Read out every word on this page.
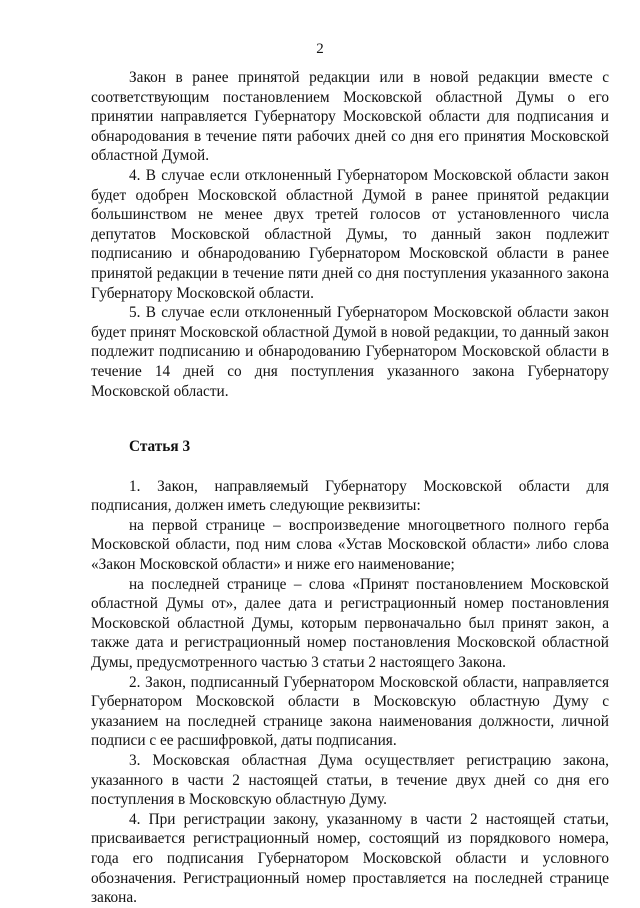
2

Закон в ранее принятой редакции или в новой редакции вместе с соответствующим постановлением Московской областной Думы о его принятии направляется Губернатору Московской области для подписания и обнародования в течение пяти рабочих дней со дня его принятия Московской областной Думой.

4. В случае если отклоненный Губернатором Московской области закон будет одобрен Московской областной Думой в ранее принятой редакции большинством не менее двух третей голосов от установленного числа депутатов Московской областной Думы, то данный закон подлежит подписанию и обнародованию Губернатором Московской области в ранее принятой редакции в течение пяти дней со дня поступления указанного закона Губернатору Московской области.

5. В случае если отклоненный Губернатором Московской области закон будет принят Московской областной Думой в новой редакции, то данный закон подлежит подписанию и обнародованию Губернатором Московской области в течение 14 дней со дня поступления указанного закона Губернатору Московской области.

Статья 3

1. Закон, направляемый Губернатору Московской области для подписания, должен иметь следующие реквизиты:

на первой странице – воспроизведение многоцветного полного герба Московской области, под ним слова «Устав Московской области» либо слова «Закон Московской области» и ниже его наименование;

на последней странице – слова «Принят постановлением Московской областной Думы от», далее дата и регистрационный номер постановления Московской областной Думы, которым первоначально был принят закон, а также дата и регистрационный номер постановления Московской областной Думы, предусмотренного частью 3 статьи 2 настоящего Закона.

2. Закон, подписанный Губернатором Московской области, направляется Губернатором Московской области в Московскую областную Думу с указанием на последней странице закона наименования должности, личной подписи с ее расшифровкой, даты подписания.

3. Московская областная Дума осуществляет регистрацию закона, указанного в части 2 настоящей статьи, в течение двух дней со дня его поступления в Московскую областную Думу.

4. При регистрации закону, указанному в части 2 настоящей статьи, присваивается регистрационный номер, состоящий из порядкового номера, года его подписания Губернатором Московской области и условного обозначения. Регистрационный номер проставляется на последней странице закона.
